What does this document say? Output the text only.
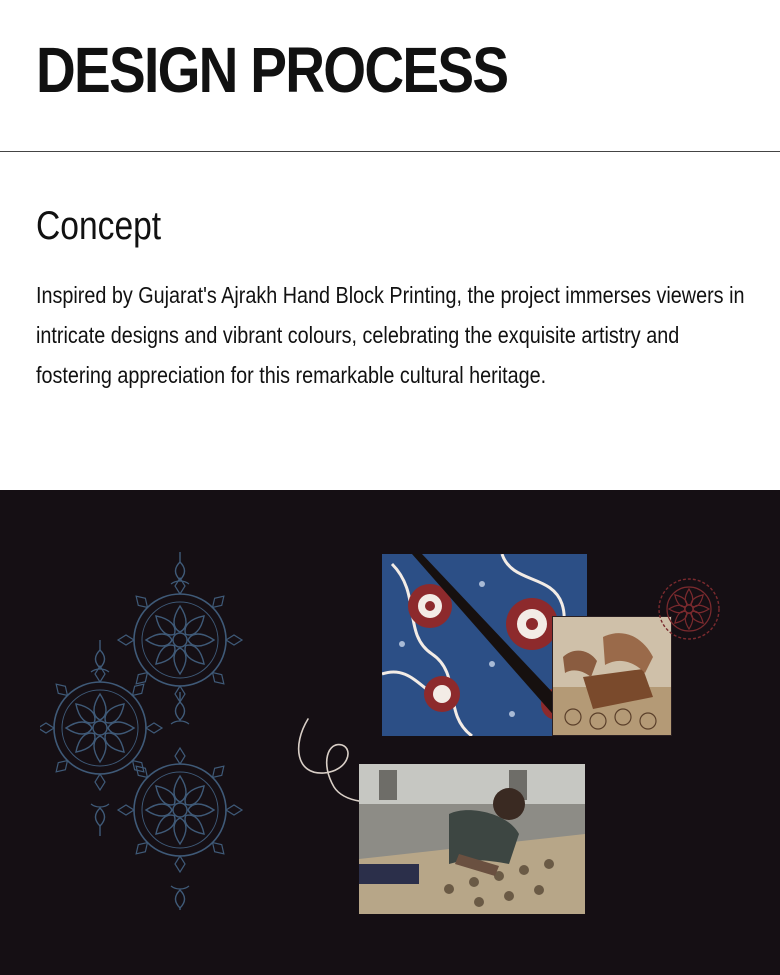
DESIGN PROCESS
Concept

Inspired by Gujarat's Ajrakh Hand Block Printing, the project immerses viewers in intricate designs and vibrant colours, celebrating the exquisite artistry and fostering appreciation for this remarkable cultural heritage.
